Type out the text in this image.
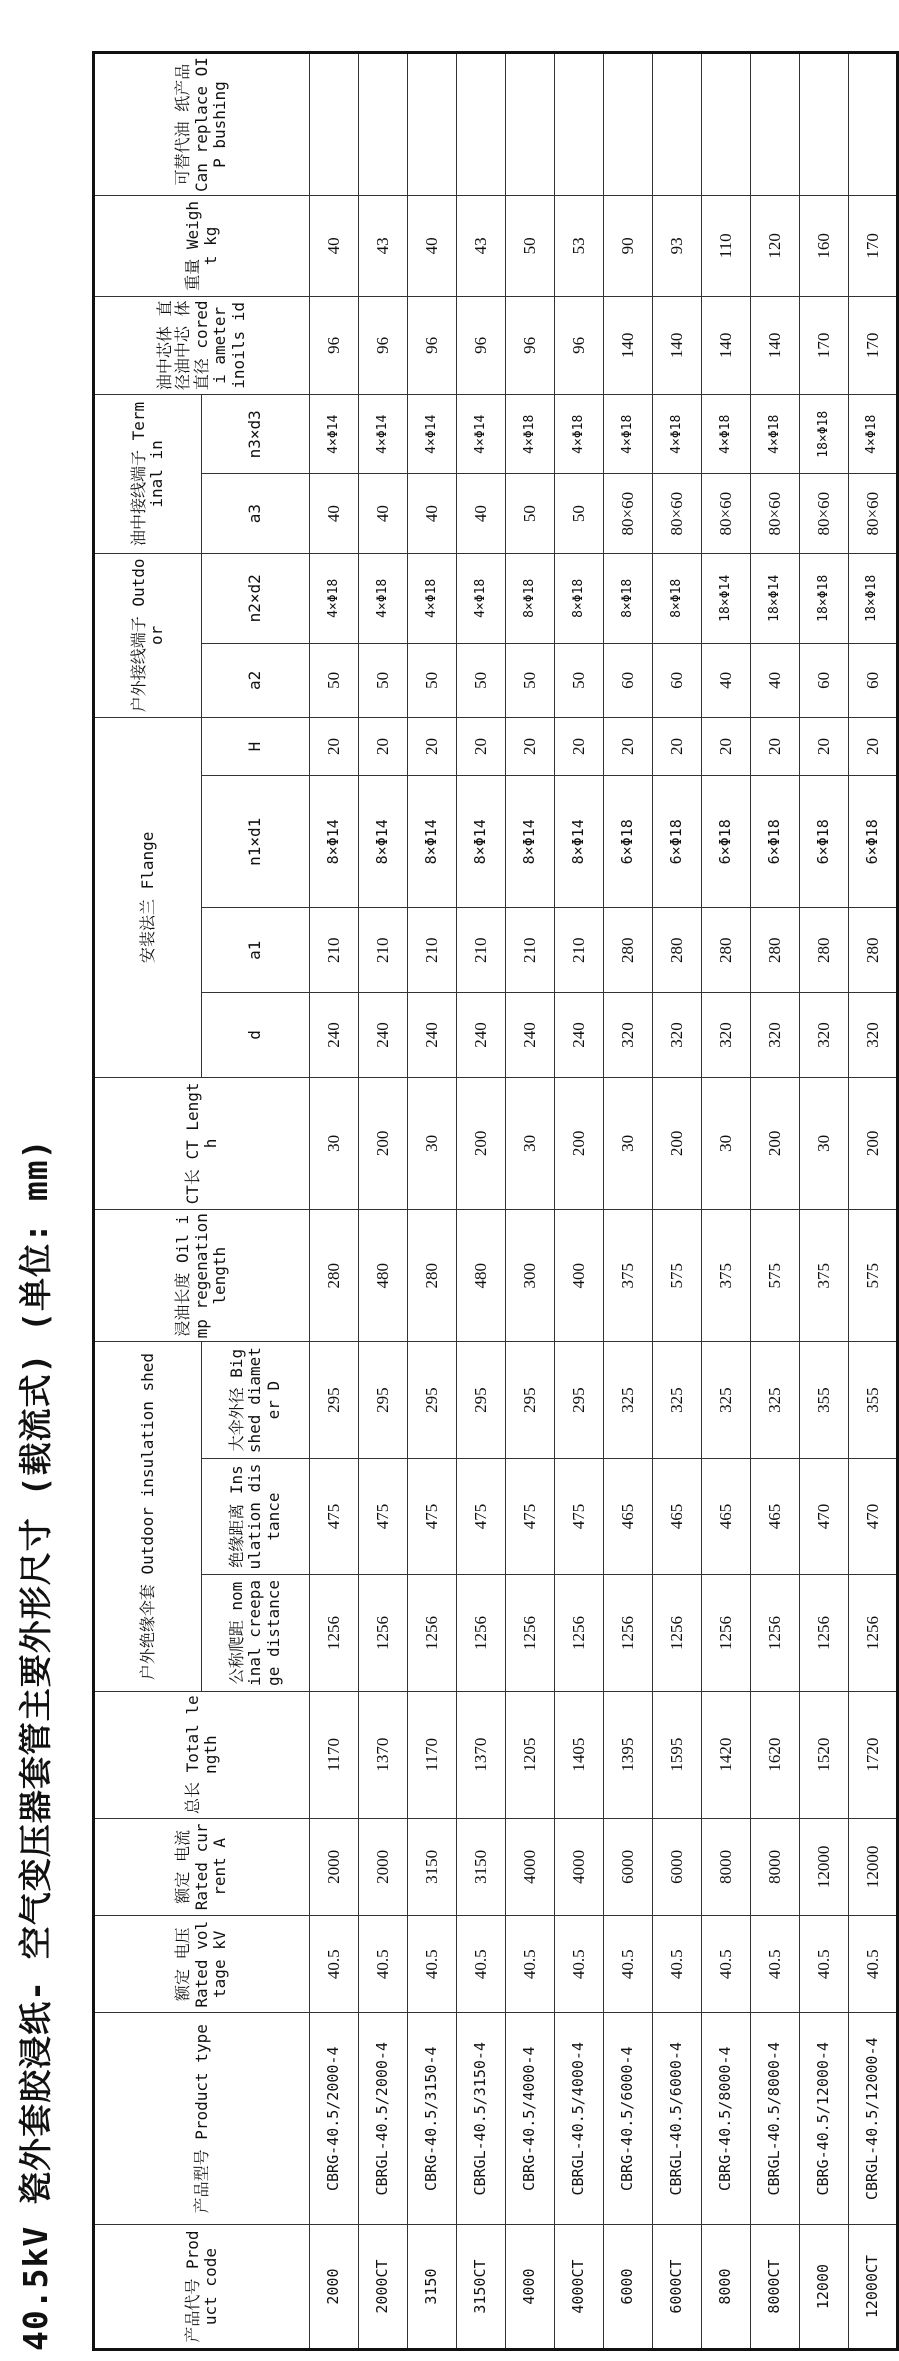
40.5kV 瓷外套胶浸纸- 空气变压器套管主要外形尺寸 (载流式) (单位: mm)	产品代号 Product code	产品型号 Product type	额定 电压 Rated voltage kV	额定 电流 Rated current A	总长 Total length	户外绝缘伞套 Outdoor insulation shed			浸油长度 Oil imp regenation length	CT长 CT Length	安装法兰 Flange				户外接线端子 Outdoor		油中接线端子 Terminal in		油中芯体 直径油中芯 体直径 coredi ameter inoils id	重量 Weight kg	可替代油 纸产品 Can replace OIP bushing

					公称爬距 nominal creepage distance	绝缘距离 Insulation distance	大伞外径 Big shed diameter D			d	a1	n1×d1	H	a2	n2×d2	a3	n3×d3			
2000	CBRG-40.5/2000-4	40.5	2000	1170	1256	475	295	280	30	240	210	8×Φ14	20	50	4×Φ18	40	4×Φ14	96	40	
2000CT	CBRGL-40.5/2000-4	40.5	2000	1370	1256	475	295	480	200	240	210	8×Φ14	20	50	4×Φ18	40	4×Φ14	96	43	
3150	CBRG-40.5/3150-4	40.5	3150	1170	1256	475	295	280	30	240	210	8×Φ14	20	50	4×Φ18	40	4×Φ14	96	40	
3150CT	CBRGL-40.5/3150-4	40.5	3150	1370	1256	475	295	480	200	240	210	8×Φ14	20	50	4×Φ18	40	4×Φ14	96	43	
4000	CBRG-40.5/4000-4	40.5	4000	1205	1256	475	295	300	30	240	210	8×Φ14	20	50	8×Φ18	50	4×Φ18	96	50	
4000CT	CBRGL-40.5/4000-4	40.5	4000	1405	1256	475	295	400	200	240	210	8×Φ14	20	50	8×Φ18	50	4×Φ18	96	53	
6000	CBRG-40.5/6000-4	40.5	6000	1395	1256	465	325	375	30	320	280	6×Φ18	20	60	8×Φ18	80×60	4×Φ18	140	90	
6000CT	CBRGL-40.5/6000-4	40.5	6000	1595	1256	465	325	575	200	320	280	6×Φ18	20	60	8×Φ18	80×60	4×Φ18	140	93	
8000	CBRG-40.5/8000-4	40.5	8000	1420	1256	465	325	375	30	320	280	6×Φ18	20	40	18×Φ14	80×60	4×Φ18	140	110	
8000CT	CBRGL-40.5/8000-4	40.5	8000	1620	1256	465	325	575	200	320	280	6×Φ18	20	40	18×Φ14	80×60	4×Φ18	140	120	
12000	CBRG-40.5/12000-4	40.5	12000	1520	1256	470	355	375	30	320	280	6×Φ18	20	60	18×Φ18	80×60	18×Φ18	170	160	
12000CT	CBRGL-40.5/12000-4	40.5	12000	1720	1256	470	355	575	200	320	280	6×Φ18	20	60	18×Φ18	80×60	4×Φ18	170	170	
